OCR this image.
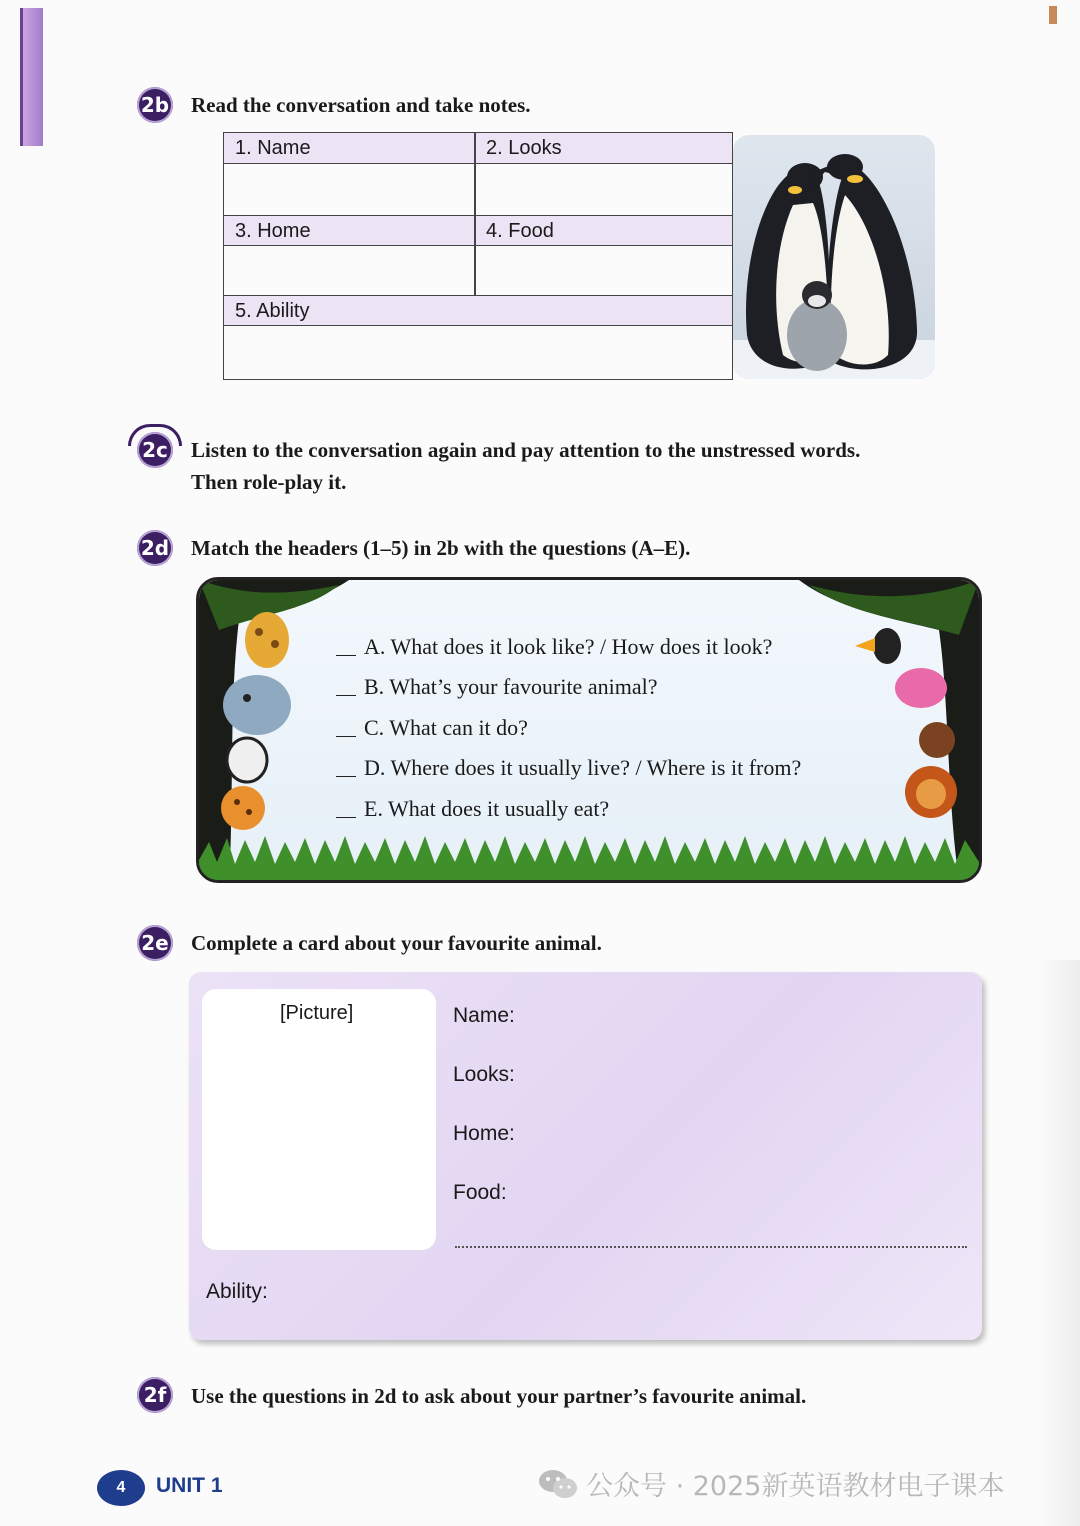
2b Read the conversation and take notes.
1. Name	2. Looks
3. Home	4. Food
5. Ability
2c Listen to the conversation again and pay attention to the unstressed words.
Then role-play it.
2d Match the headers (1–5) in 2b with the questions (A–E).
A. What does it look like? / How does it look?
B. What’s your favourite animal?
C. What can it do?
D. Where does it usually live? / Where is it from?
E. What does it usually eat?
2e Complete a card about your favourite animal.
[Picture]	Name:
Looks:
Home:
Food:
Ability:
2f	Use the questions in 2d to ask about your partner’s favourite animal.
4	UNIT 1	公众号 · 2025新英语教材电子课本
